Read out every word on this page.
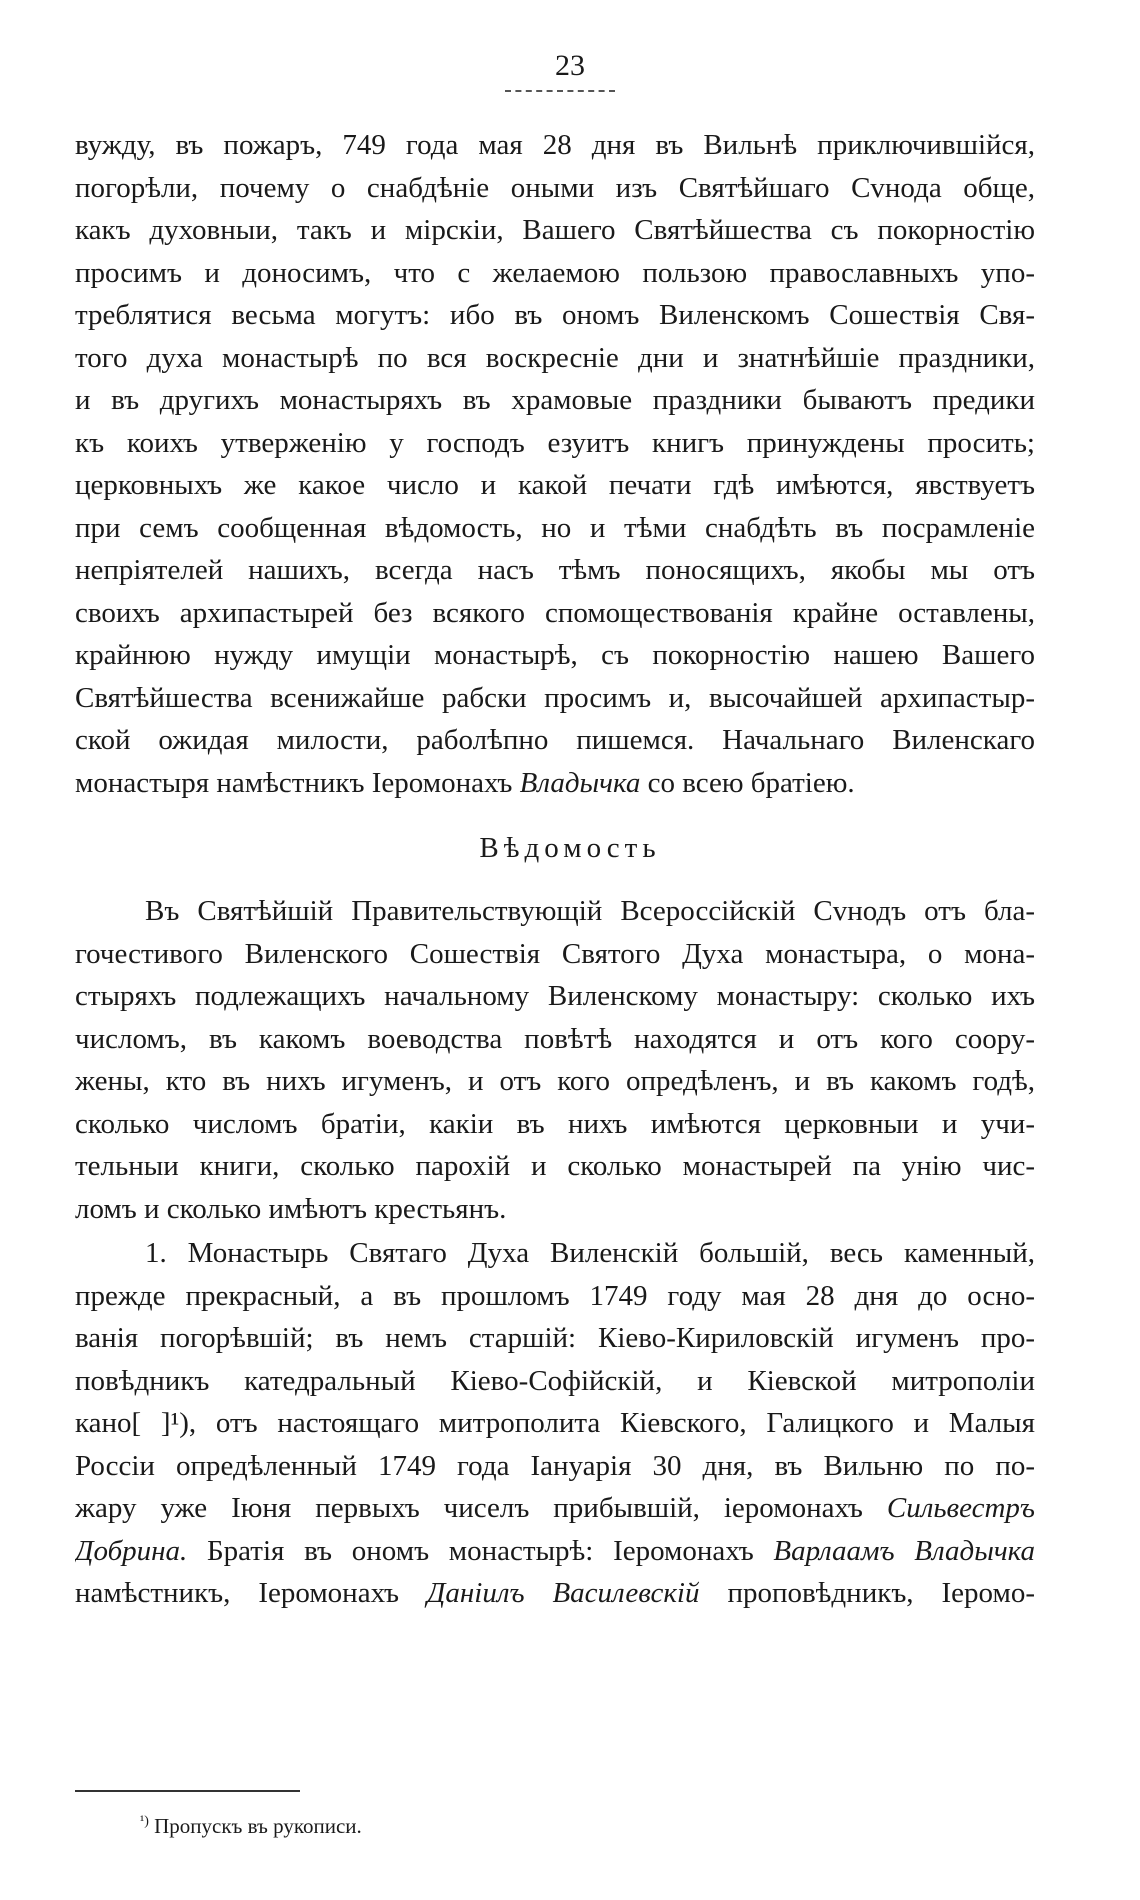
23
вужду, въ пожаръ, 749 года мая 28 дня въ Вильнѣ приключившійся,
погорѣли, почему о снабдѣніе оными изъ Святѣйшаго Сvнода обще,
какъ духовныи, такъ и мірскіи, Вашего Святѣйшества съ покорностію
просимъ и доносимъ, что с желаемою пользою православныхъ упо-
треблятися весьма могутъ: ибо въ ономъ Виленскомъ Сошествія Свя-
того духа монастырѣ по вся воскресніе дни и знатнѣйшіе праздники,
и въ другихъ монастыряхъ въ храмовые праздники бываютъ предики
къ коихъ утверженію у господъ езуитъ книгъ принуждены просить;
церковныхъ же какое число и какой печати гдѣ имѣются, явствуетъ
при семъ сообщенная вѣдомость, но и тѣми снабдѣть въ посрамленіе
непріятелей нашихъ, всегда насъ тѣмъ поносящихъ, якобы мы отъ
своихъ архипастырей без всякого спомоществованія крайне оставлены,
крайнюю нужду имущіи монастырѣ, съ покорностію нашею Вашего
Святѣйшества всенижайше рабски просимъ и, высочайшей архипастыр-
ской ожидая милости, раболѣпно пишемся. Начальнаго Виленскаго
монастыря намѣстникъ Іеромонахъ Владычка со всею братіею.
Вѣдомость
Въ Святѣйшій Правительствующій Всероссійскій Сvнодъ отъ бла-
гочестивого Виленского Сошествія Святого Духа монастыра, о мона-
стыряхъ подлежащихъ начальному Виленскому монастыру: сколько ихъ
числомъ, въ какомъ воеводства повѣтѣ находятся и отъ кого соору-
жены, кто въ нихъ игуменъ, и отъ кого опредѣленъ, и въ какомъ годѣ,
сколько числомъ братіи, какіи въ нихъ имѣются церковныи и учи-
тельныи книги, сколько парохій и сколько монастырей па унію чис-
ломъ и сколько имѣютъ крестьянъ.
1. Монастырь Святаго Духа Виленскій большій, весь каменный,
прежде прекрасный, а въ прошломъ 1749 году мая 28 дня до осно-
ванія погорѣвшій; въ немъ старшій: Кіево-Кириловскій игуменъ про-
повѣдникъ катедральный Кіево-Софійскій, и Кіевской митрополіи
кано[ ]¹), отъ настоящаго митрополита Кіевского, Галицкого и Малыя
Россіи опредѣленный 1749 года Іануарія 30 дня, въ Вильню по по-
жару уже Іюня первыхъ чиселъ прибывшій, іеромонахъ Сильвестръ
Добрина. Братія въ ономъ монастырѣ: Іеромонахъ Варлаамъ Владычка
намѣстникъ, Іеромонахъ Даніилъ Василевскій проповѣдникъ, Іеромо-
$^{^1)}$ Пропускъ въ рукописи.
